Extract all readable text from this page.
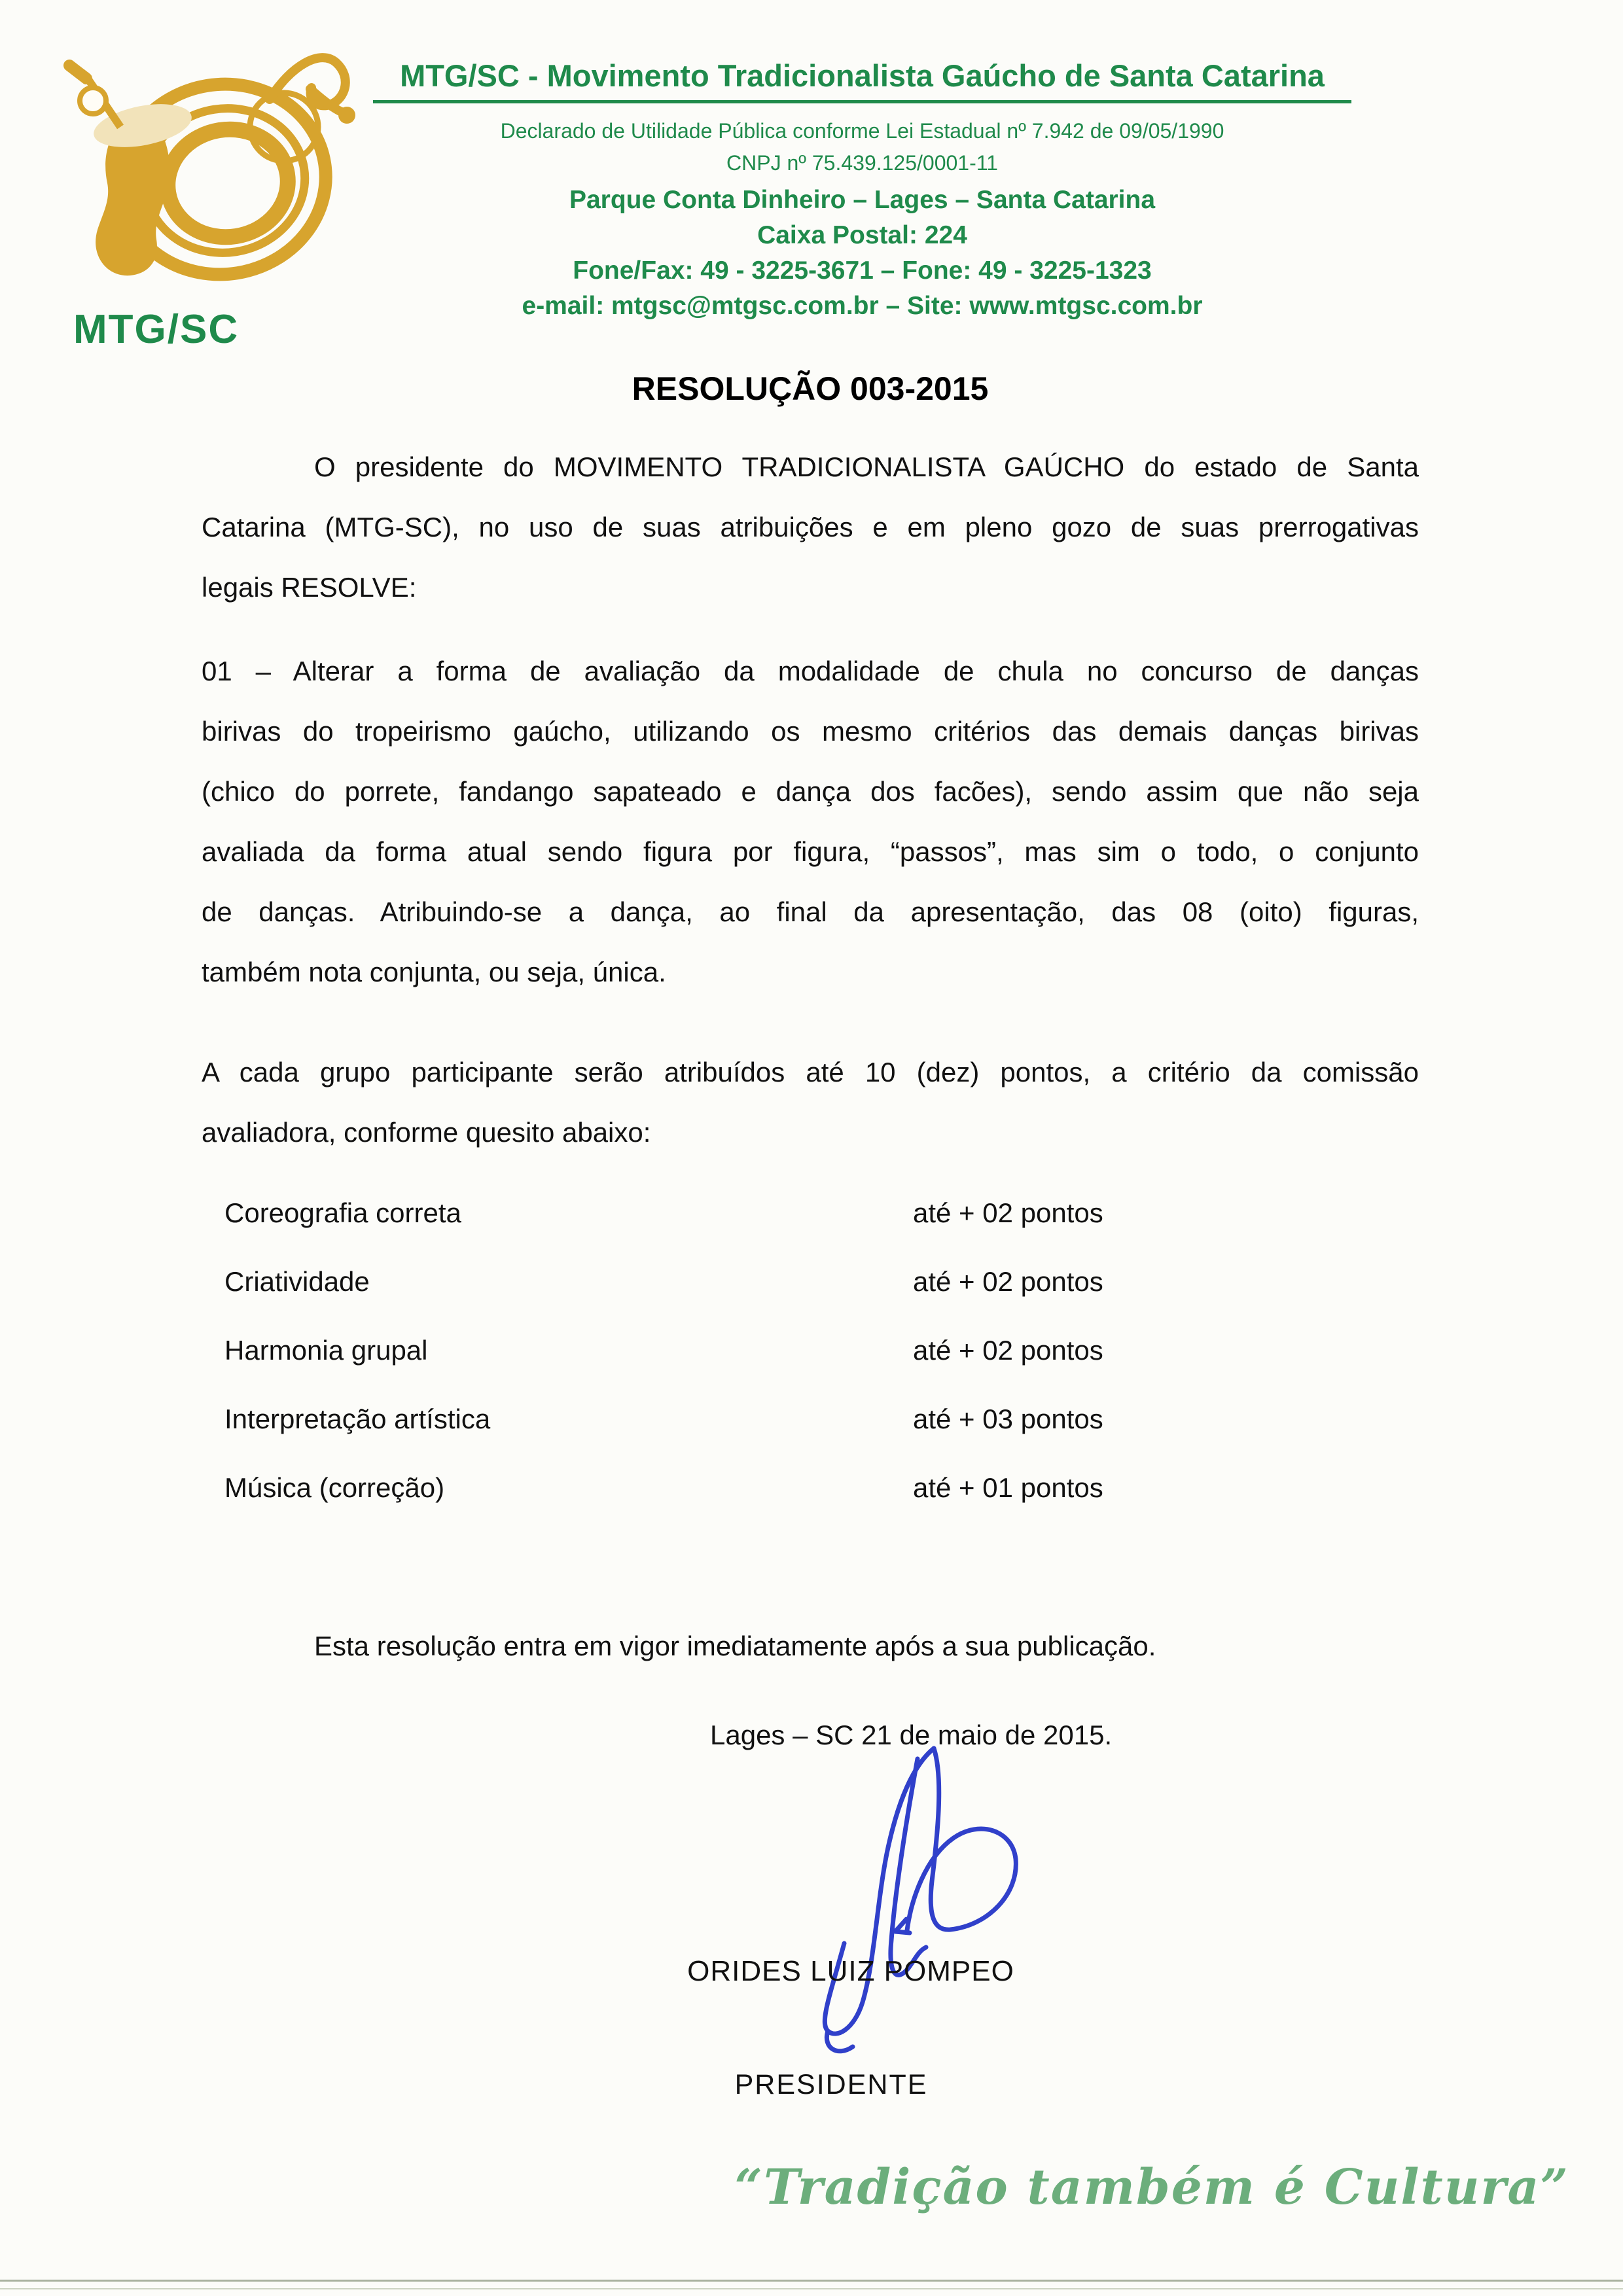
MTG/SC
MTG/SC - Movimento Tradicionalista Gaúcho de Santa Catarina
Declarado de Utilidade Pública conforme Lei Estadual nº 7.942 de 09/05/1990
CNPJ nº 75.439.125/0001-11
Parque Conta Dinheiro – Lages – Santa Catarina
Caixa Postal: 224
Fone/Fax: 49 - 3225-3671 – Fone: 49 - 3225-1323
e-mail: mtgsc@mtgsc.com.br – Site: www.mtgsc.com.br
RESOLUÇÃO 003-2015
O presidente do MOVIMENTO TRADICIONALISTA GAÚCHO do estado de Santa
Catarina (MTG-SC), no uso de suas atribuições e em pleno gozo de suas prerrogativas
legais RESOLVE:
01 – Alterar a forma de avaliação da modalidade de chula no concurso de danças
birivas do tropeirismo gaúcho, utilizando os mesmo critérios das demais danças birivas
(chico do porrete, fandango sapateado e dança dos facões), sendo assim que não seja
avaliada da forma atual sendo figura por figura, “passos”, mas sim o todo, o conjunto
de danças. Atribuindo-se a dança, ao final da apresentação, das 08 (oito) figuras,
também nota conjunta, ou seja, única.
A cada grupo participante serão atribuídos até 10 (dez) pontos, a critério da comissão
avaliadora, conforme quesito abaixo:
Coreografia correta	até + 02 pontos
Criatividade	até + 02 pontos
Harmonia grupal	até + 02 pontos
Interpretação artística	até + 03 pontos
Música (correção)	até + 01 pontos
Esta resolução entra em vigor imediatamente após a sua publicação.
Lages – SC 21 de maio de 2015.
ORIDES LUIZ POMPEO
PRESIDENTE
“Tradição também é Cultura”
